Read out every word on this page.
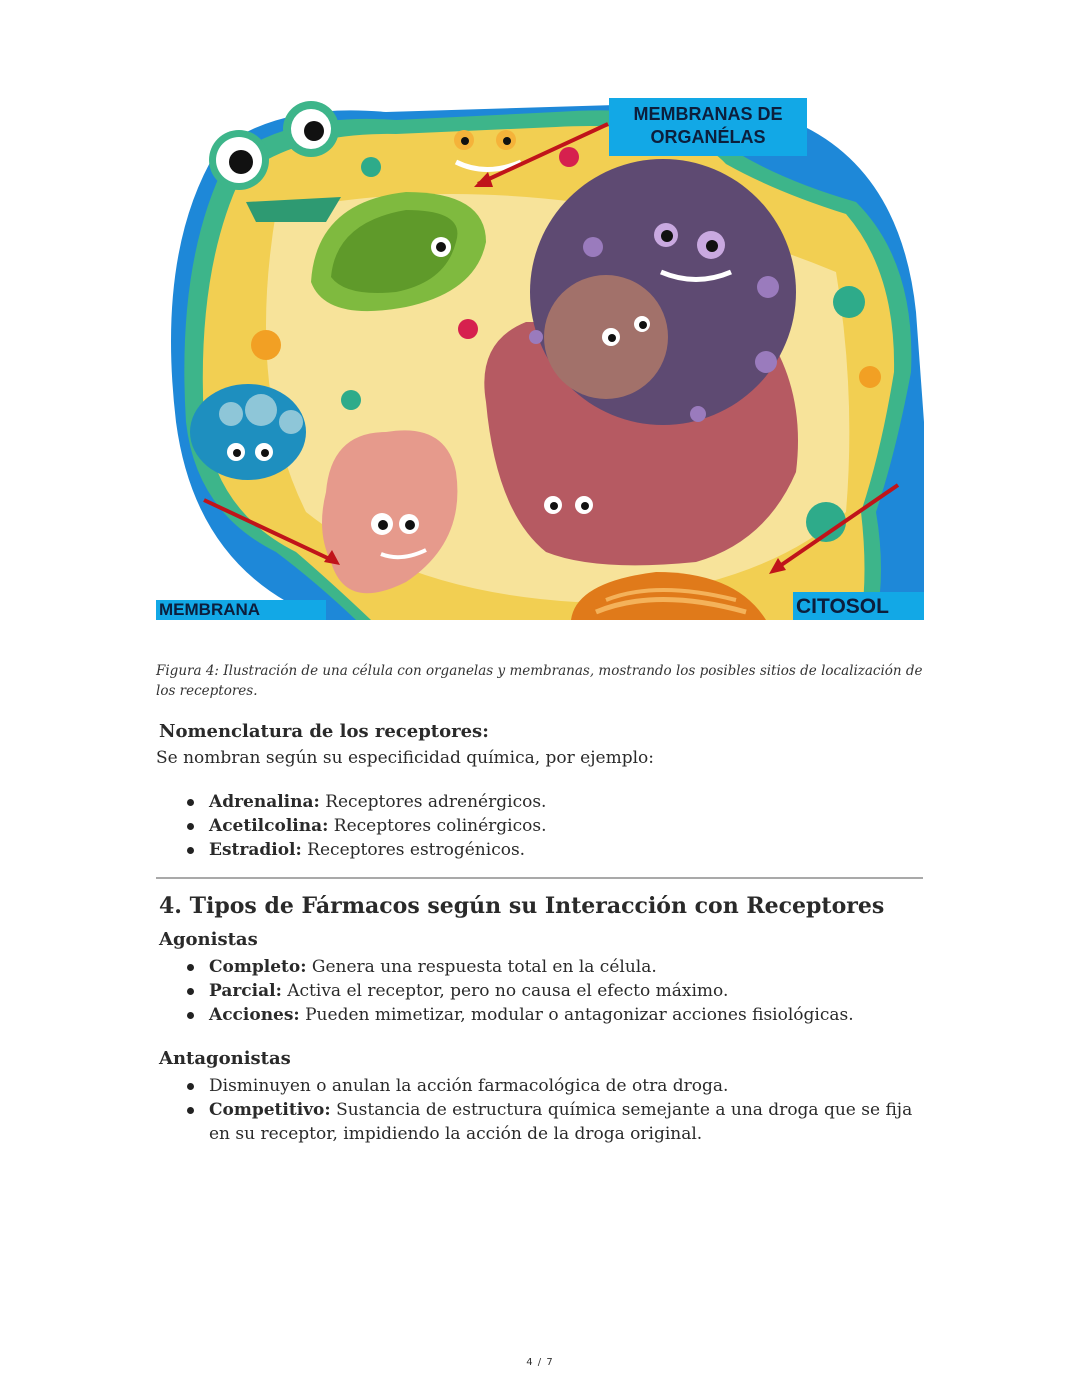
MEMBRANAS DE
ORGANÉLAS
MEMBRANA	CITOSOL
Figura 4: Ilustración de una célula con organelas y membranas, mostrando los posibles sitios de localización de los receptores.
Nomenclatura de los receptores:
Se nombran según su especificidad química, por ejemplo:
Adrenalina: Receptores adrenérgicos.
Acetilcolina: Receptores colinérgicos.
Estradiol: Receptores estrogénicos.
4. Tipos de Fármacos según su Interacción con Receptores
Agonistas
Completo: Genera una respuesta total en la célula.
Parcial: Activa el receptor, pero no causa el efecto máximo.
Acciones: Pueden mimetizar, modular o antagonizar acciones fisiológicas.
Antagonistas
Disminuyen o anulan la acción farmacológica de otra droga.
Competitivo: Sustancia de estructura química semejante a una droga que se fija en su receptor, impidiendo la acción de la droga original.
4 / 7
